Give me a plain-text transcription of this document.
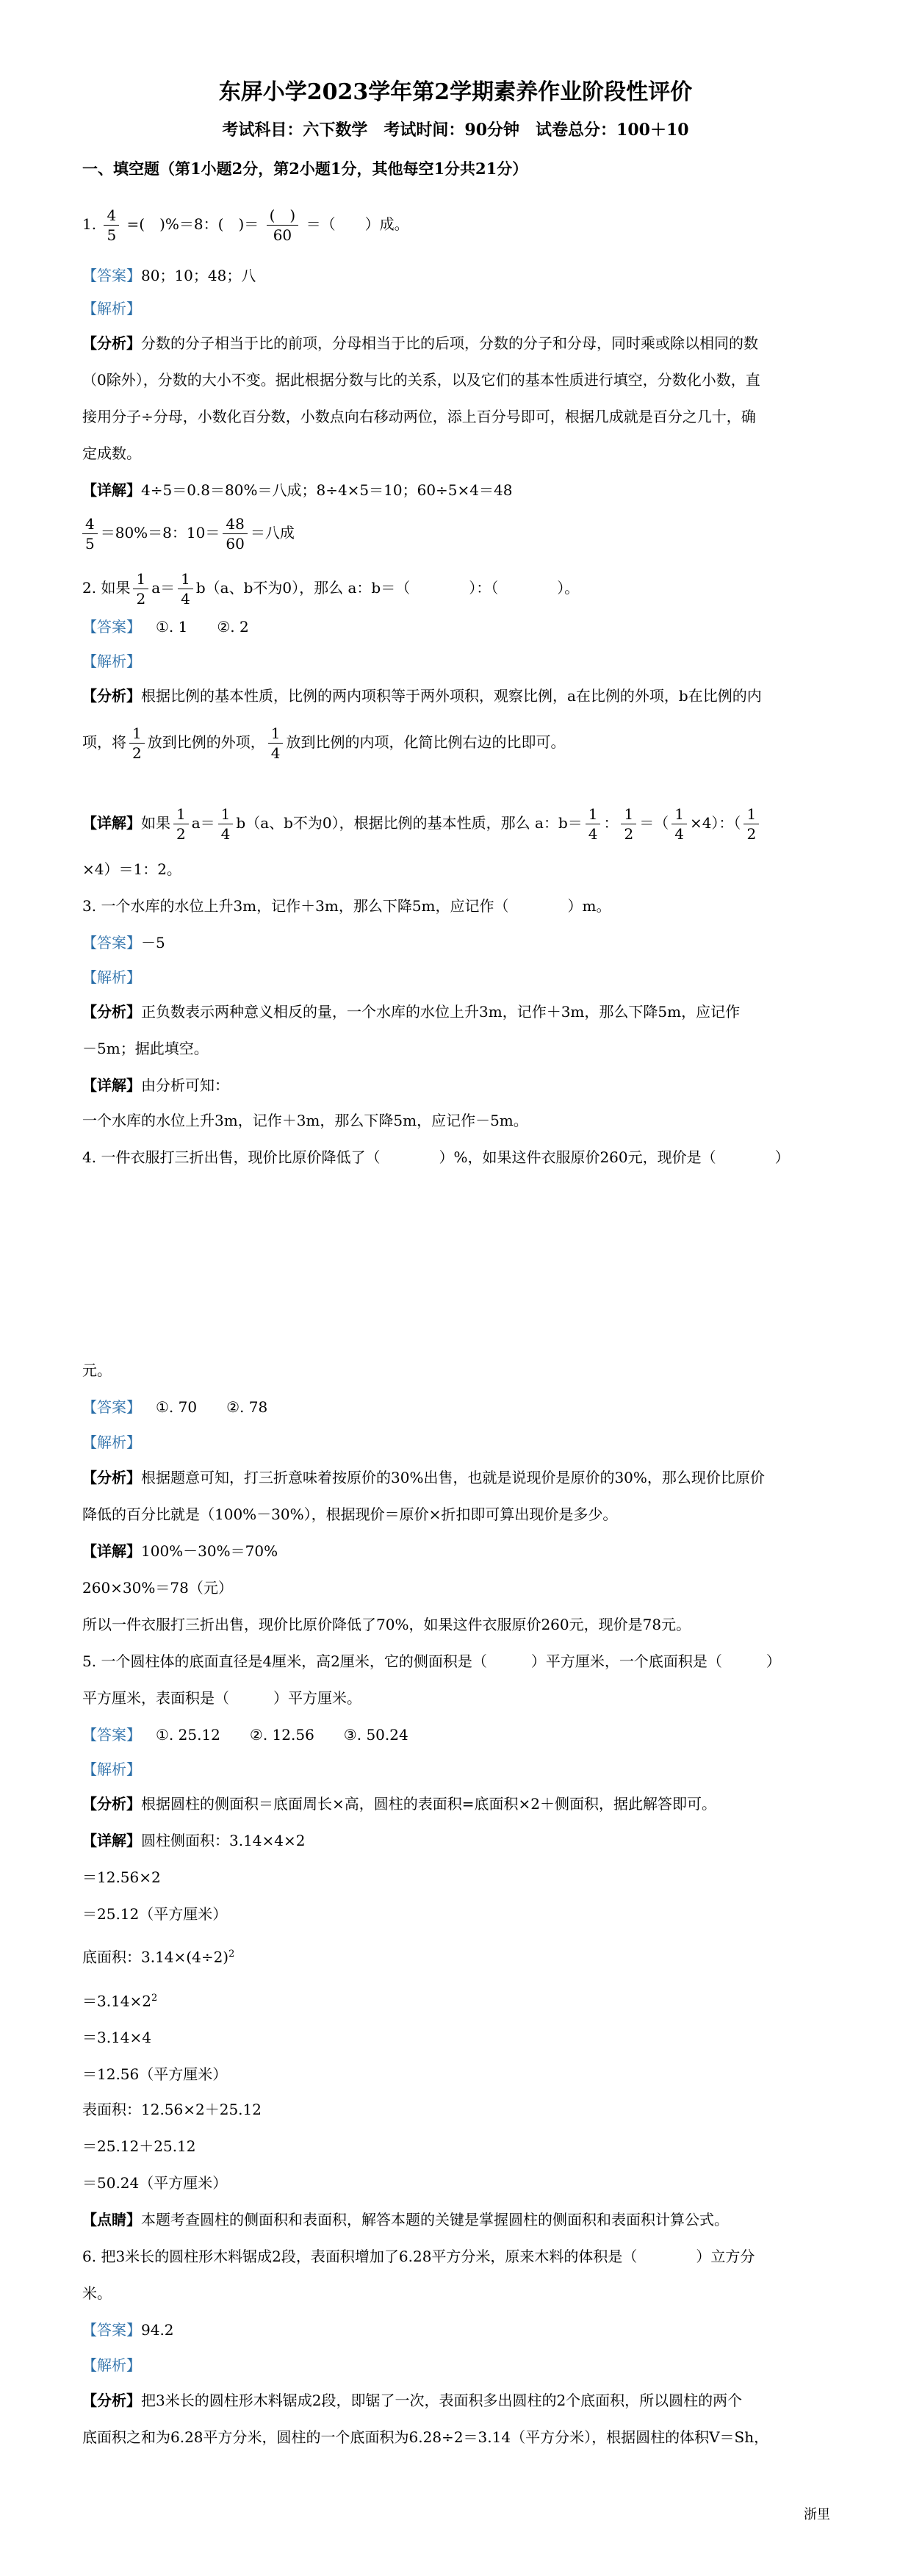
东屏小学2023学年第2学期素养作业阶段性评价
考试科目：六下数学　考试时间：90分钟　试卷总分：100＋10
一、填空题（第1小题2分，第2小题1分，其他每空1分共21分）
1. $\frac{4}{5}$ =(　)%＝8：(　)＝ $\frac{( )}{60}$ ＝（　　）成。
【答案】80；10；48；八
【解析】
【分析】分数的分子相当于比的前项，分母相当于比的后项，分数的分子和分母，同时乘或除以相同的数
（0除外），分数的大小不变。据此根据分数与比的关系，以及它们的基本性质进行填空，分数化小数，直
接用分子÷分母，小数化百分数，小数点向右移动两位，添上百分号即可，根据几成就是百分之几十，确
定成数。
【详解】4÷5＝0.8＝80%＝八成；8÷4×5＝10；60÷5×4＝48
$\frac{4}{5} =80\%=8$：$10= \frac{48}{60}$ ＝八成
2. 如果 $\frac{1}{2} a= \frac{1}{4} b(a$、b不为0），那么 a：b＝（　　　　）：（　　　　）。
【答案】 ①. 1　　②. 2
【解析】
【分析】根据比例的基本性质，比例的两内项积等于两外项积，观察比例，a在比例的外项，b在比例的内
项，将 $\frac{1}{2}$ 放到比例的外项， $\frac{1}{4}$ 放到比例的内项，化简比例右边的比即可。
【详解】如果 $\frac{1}{2} a= \frac{1}{4} b(a$、b不为0），根据比例的基本性质，那么 a：$b= \frac{1}{4}$ ： $\frac{1}{2}$ ＝（ $\frac{1}{4} \times 4$）：（ $\frac{1}{2}$
×4）＝1：2。
3. 一个水库的水位上升3m，记作＋3m，那么下降5m，应记作（　　　　）m。
【答案】－5
【解析】
【分析】正负数表示两种意义相反的量，一个水库的水位上升3m，记作＋3m，那么下降5m，应记作
－5m；据此填空。
【详解】由分析可知：
一个水库的水位上升3m，记作＋3m，那么下降5m，应记作－5m。
4. 一件衣服打三折出售，现价比原价降低了（　　　　）%，如果这件衣服原价260元，现价是（　　　　）
元。
【答案】 ①. 70　　②. 78
【解析】
【分析】根据题意可知，打三折意味着按原价的30%出售，也就是说现价是原价的30%，那么现价比原价
降低的百分比就是（100%－30%），根据现价＝原价×折扣即可算出现价是多少。
【详解】100%－30%＝70%
260×30%＝78（元）
所以一件衣服打三折出售，现价比原价降低了70%，如果这件衣服原价260元，现价是78元。
5. 一个圆柱体的底面直径是4厘米，高2厘米，它的侧面积是（　　　）平方厘米，一个底面积是（　　　）
平方厘米，表面积是（　　　）平方厘米。
【答案】 ①. 25.12　　②. 12.56　　③. 50.24
【解析】
【分析】根据圆柱的侧面积＝底面周长×高，圆柱的表面积=底面积×2＋侧面积，据此解答即可。
【详解】圆柱侧面积：3.14×4×2
＝12.56×2
＝25.12（平方厘米）
底面积：$3.14\times(4\div 2)^2$
$=3.14\times 2^2$
＝3.14×4
＝12.56（平方厘米）
表面积：12.56×2＋25.12
＝25.12＋25.12
＝50.24（平方厘米）
【点睛】本题考查圆柱的侧面积和表面积，解答本题的关键是掌握圆柱的侧面积和表面积计算公式。
6. 把3米长的圆柱形木料锯成2段，表面积增加了6.28平方分米，原来木料的体积是（　　　　）立方分
米。
【答案】94.2
【解析】
【分析】把3米长的圆柱形木料锯成2段，即锯了一次，表面积多出圆柱的2个底面积，所以圆柱的两个
底面积之和为6.28平方分米，圆柱的一个底面积为6.28÷2＝3.14（平方分米），根据圆柱的体积V＝Sh，
浙里
